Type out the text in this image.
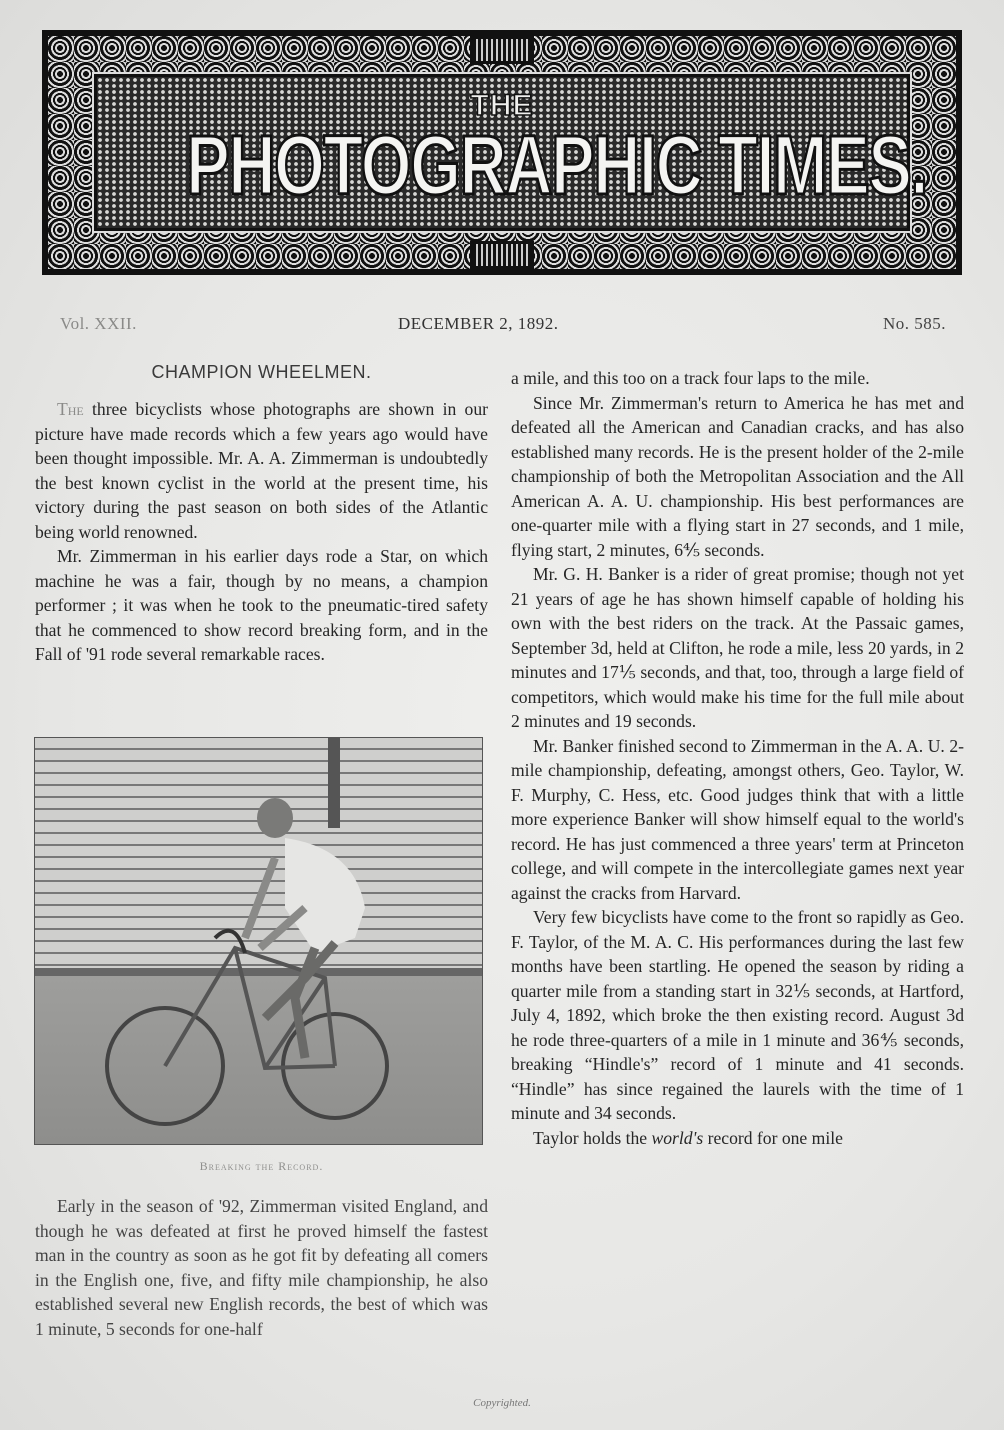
THE
PHOTOGRAPHIC TIMES.
Vol. XXII.	DECEMBER 2, 1892.	No. 585.
CHAMPION WHEELMEN.

The three bicyclists whose photographs are shown in our picture have made records which a few years ago would have been thought impossible. Mr. A. A. Zimmerman is undoubtedly the best known cyclist in the world at the present time, his victory during the past season on both sides of the Atlantic being world renowned.

Mr. Zimmerman in his earlier days rode a Star, on which machine he was a fair, though by no means, a champion performer ; it was when he took to the pneumatic-tired safety that he commenced to show record breaking form, and in the Fall of '91 rode several remarkable races.

Breaking the Record.

Early in the season of '92, Zimmerman visited England, and though he was defeated at first he proved himself the fastest man in the country as soon as he got fit by defeating all comers in the English one, five, and fifty mile championship, he also established several new English records, the best of which was 1 minute, 5 seconds for one-half

a mile, and this too on a track four laps to the mile.

Since Mr. Zimmerman's return to America he has met and defeated all the American and Canadian cracks, and has also established many records. He is the present holder of the 2-mile championship of both the Metropolitan Association and the All American A. A. U. championship. His best performances are one-quarter mile with a flying start in 27 seconds, and 1 mile, flying start, 2 minutes, 6⅘ seconds.

Mr. G. H. Banker is a rider of great promise; though not yet 21 years of age he has shown himself capable of holding his own with the best riders on the track. At the Passaic games, September 3d, held at Clifton, he rode a mile, less 20 yards, in 2 minutes and 17⅕ seconds, and that, too, through a large field of competitors, which would make his time for the full mile about 2 minutes and 19 seconds.

Mr. Banker finished second to Zimmerman in the A. A. U. 2-mile championship, defeating, amongst others, Geo. Taylor, W. F. Murphy, C. Hess, etc. Good judges think that with a little more experience Banker will show himself equal to the world's record. He has just commenced a three years' term at Princeton college, and will compete in the intercollegiate games next year against the cracks from Harvard.

Very few bicyclists have come to the front so rapidly as Geo. F. Taylor, of the M. A. C. His performances during the last few months have been startling. He opened the season by riding a quarter mile from a standing start in 32⅕ seconds, at Hartford, July 4, 1892, which broke the then existing record. August 3d he rode three-quarters of a mile in 1 minute and 36⅘ seconds, breaking “Hindle's” record of 1 minute and 41 seconds. “Hindle” has since regained the laurels with the time of 1 minute and 34 seconds.

Taylor holds the world's record for one mile

Copyrighted.
